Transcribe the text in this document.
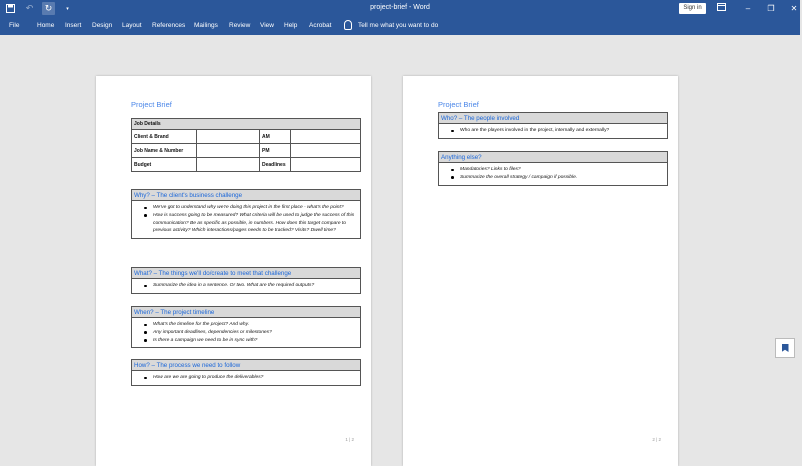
↶	↻	▾	project-brief - Word	Sign in	–	❐	✕
File	Home Insert Design Layout References Mailings Review View Help Acrobat	Tell me what you want to do
Project Brief
Job Details			
Client & Brand		AM	
Job Name & Number		PM	
Budget		Deadlines	
Why? – The client's business challenge
We've got to understand why we're doing this project in the first place - what's the point?
How is success going to be measured? What criteria will be used to judge the success of this communication? Be as specific as possible, in numbers. How does this target compare to previous activity? Which interactions/pages needs to be tracked? Visits? Dwell time?
What? – The things we'll do/create to meet that challenge
Summarize the idea in a sentence. Or two. What are the required outputs?
When? – The project timeline
What's the timeline for the project? And why.
Any important deadlines, dependencies or milestones?
Is there a campaign we need to be in sync with?
How? – The process we need to follow
How are we are going to produce the deliverables?
1 | 2
Project Brief
Who? – The people involved
Who are the players involved in the project, internally and externally?
Anything else?
Mandatories? Links to files?
Summarize the overall strategy / campaign if possible.
2 | 2
